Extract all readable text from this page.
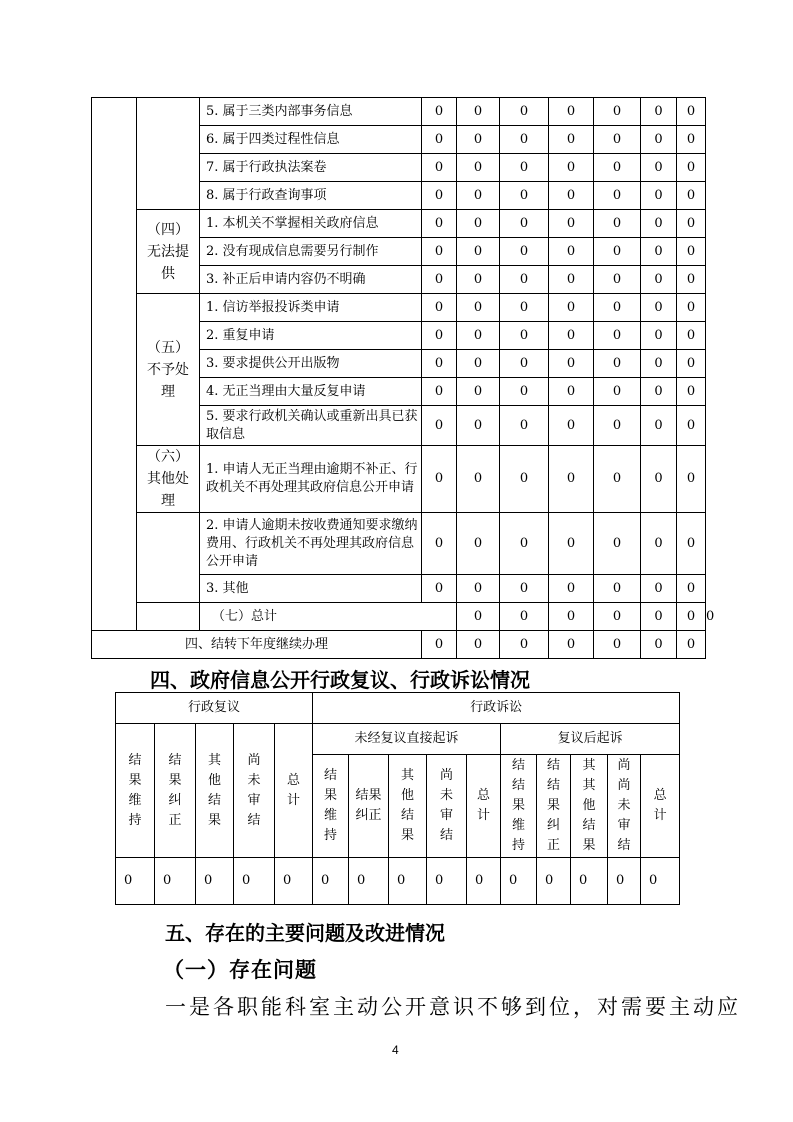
		5. 属于三类内部事务信息	0	0	0	0	0	0	0	
		6. 属于四类过程性信息	0	0	0	0	0	0	0	
		7. 属于行政执法案卷	0	0	0	0	0	0	0	
		8. 属于行政查询事项	0	0	0	0	0	0	0	
	（四）无法提供	1. 本机关不掌握相关政府信息	0	0	0	0	0	0	0	
		2. 没有现成信息需要另行制作	0	0	0	0	0	0	0	
		3. 补正后申请内容仍不明确	0	0	0	0	0	0	0	
	（五）不予处理	1. 信访举报投诉类申请	0	0	0	0	0	0	0	
		2. 重复申请	0	0	0	0	0	0	0	
		3. 要求提供公开出版物	0	0	0	0	0	0	0	
		4. 无正当理由大量反复申请	0	0	0	0	0	0	0	
		5. 要求行政机关确认或重新出具已获取信息	0	0	0	0	0	0	0	
	（六）其他处理	1. 申请人无正当理由逾期不补正、行政机关不再处理其政府信息公开申请	0	0	0	0	0	0	0	
		2. 申请人逾期未按收费通知要求缴纳费用、行政机关不再处理其政府信息公开申请	0	0	0	0	0	0	0	
		3. 其他	0	0	0	0	0	0	0	
		（七）总计		0	0	0	0	0	0	0
四、结转下年度继续办理			0	0	0	0	0	0	0	
四、政府信息公开行政复议、行政诉讼情况
行政复议					行政诉讼									
结果维持	结果纠正	其他结果	尚未审结	总计	未经复议直接起诉					复议后起诉				
					结果维持	结果纠正	其他结果	尚未审结	总计	结结果维持	结结果纠正	其其他结果	尚尚未审结	总计
0	0	0	0	0	0	0	0	0	0	0	0	0	0	0
五、存在的主要问题及改进情况
（一）存在问题
一是各职能科室主动公开意识不够到位，对需要主动应
4
